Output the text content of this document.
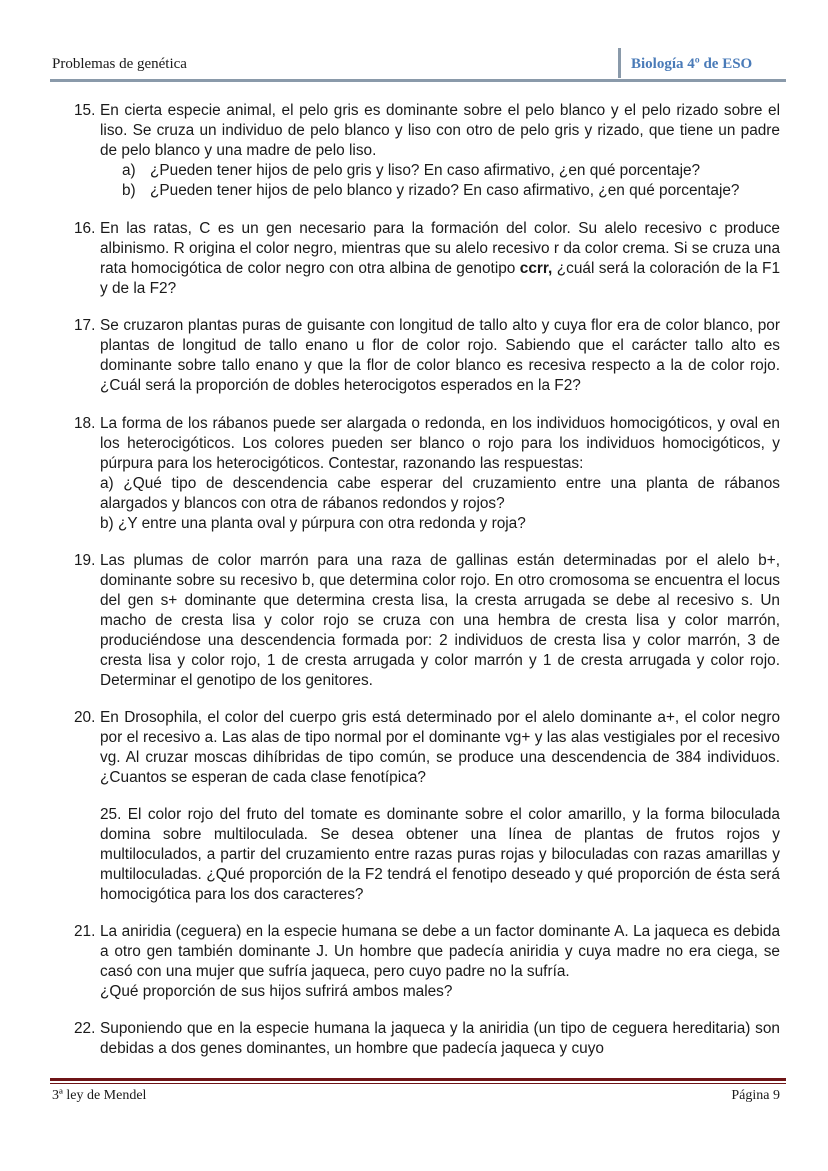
Problemas de genética	Biología 4º de ESO
15. En cierta especie animal, el pelo gris es dominante sobre el pelo blanco y el pelo rizado sobre el liso. Se cruza un individuo de pelo blanco y liso con otro de pelo gris y rizado, que tiene un padre de pelo blanco y una madre de pelo liso.
a) ¿Pueden tener hijos de pelo gris y liso? En caso afirmativo, ¿en qué porcentaje?
b) ¿Pueden tener hijos de pelo blanco y rizado? En caso afirmativo, ¿en qué porcentaje?
16. En las ratas, C es un gen necesario para la formación del color. Su alelo recesivo c produce albinismo. R origina el color negro, mientras que su alelo recesivo r da color crema. Si se cruza una rata homocigótica de color negro con otra albina de genotipo ccrr, ¿cuál será la coloración de la F1 y de la F2?
17. Se cruzaron plantas puras de guisante con longitud de tallo alto y cuya flor era de color blanco, por plantas de longitud de tallo enano u flor de color rojo. Sabiendo que el carácter tallo alto es dominante sobre tallo enano y que la flor de color blanco es recesiva respecto a la de color rojo. ¿Cuál será la proporción de dobles heterocigotos esperados en la F2?
18. La forma de los rábanos puede ser alargada o redonda, en los individuos homocigóticos, y oval en los heterocigóticos. Los colores pueden ser blanco o rojo para los individuos homocigóticos, y púrpura para los heterocigóticos. Contestar, razonando las respuestas:
a) ¿Qué tipo de descendencia cabe esperar del cruzamiento entre una planta de rábanos alargados y blancos con otra de rábanos redondos y rojos?
b) ¿Y entre una planta oval y púrpura con otra redonda y roja?
19. Las plumas de color marrón para una raza de gallinas están determinadas por el alelo b+, dominante sobre su recesivo b, que determina color rojo. En otro cromosoma se encuentra el locus del gen s+ dominante que determina cresta lisa, la cresta arrugada se debe al recesivo s. Un macho de cresta lisa y color rojo se cruza con una hembra de cresta lisa y color marrón, produciéndose una descendencia formada por: 2 individuos de cresta lisa y color marrón, 3 de cresta lisa y color rojo, 1 de cresta arrugada y color marrón y 1 de cresta arrugada y color rojo. Determinar el genotipo de los genitores.
20. En Drosophila, el color del cuerpo gris está determinado por el alelo dominante a+, el color negro por el recesivo a. Las alas de tipo normal por el dominante vg+ y las alas vestigiales por el recesivo vg. Al cruzar moscas dihíbridas de tipo común, se produce una descendencia de 384 individuos. ¿Cuantos se esperan de cada clase fenotípica?
25. El color rojo del fruto del tomate es dominante sobre el color amarillo, y la forma biloculada domina sobre multiloculada. Se desea obtener una línea de plantas de frutos rojos y multiloculados, a partir del cruzamiento entre razas puras rojas y biloculadas con razas amarillas y multiloculadas. ¿Qué proporción de la F2 tendrá el fenotipo deseado y qué proporción de ésta será homocigótica para los dos caracteres?
21. La aniridia (ceguera) en la especie humana se debe a un factor dominante A. La jaqueca es debida a otro gen también dominante J. Un hombre que padecía aniridia y cuya madre no era ciega, se casó con una mujer que sufría jaqueca, pero cuyo padre no la sufría.
¿Qué proporción de sus hijos sufrirá ambos males?
22. Suponiendo que en la especie humana la jaqueca y la aniridia (un tipo de ceguera hereditaria) son debidas a dos genes dominantes, un hombre que padecía jaqueca y cuyo
3ª ley de Mendel	Página 9
